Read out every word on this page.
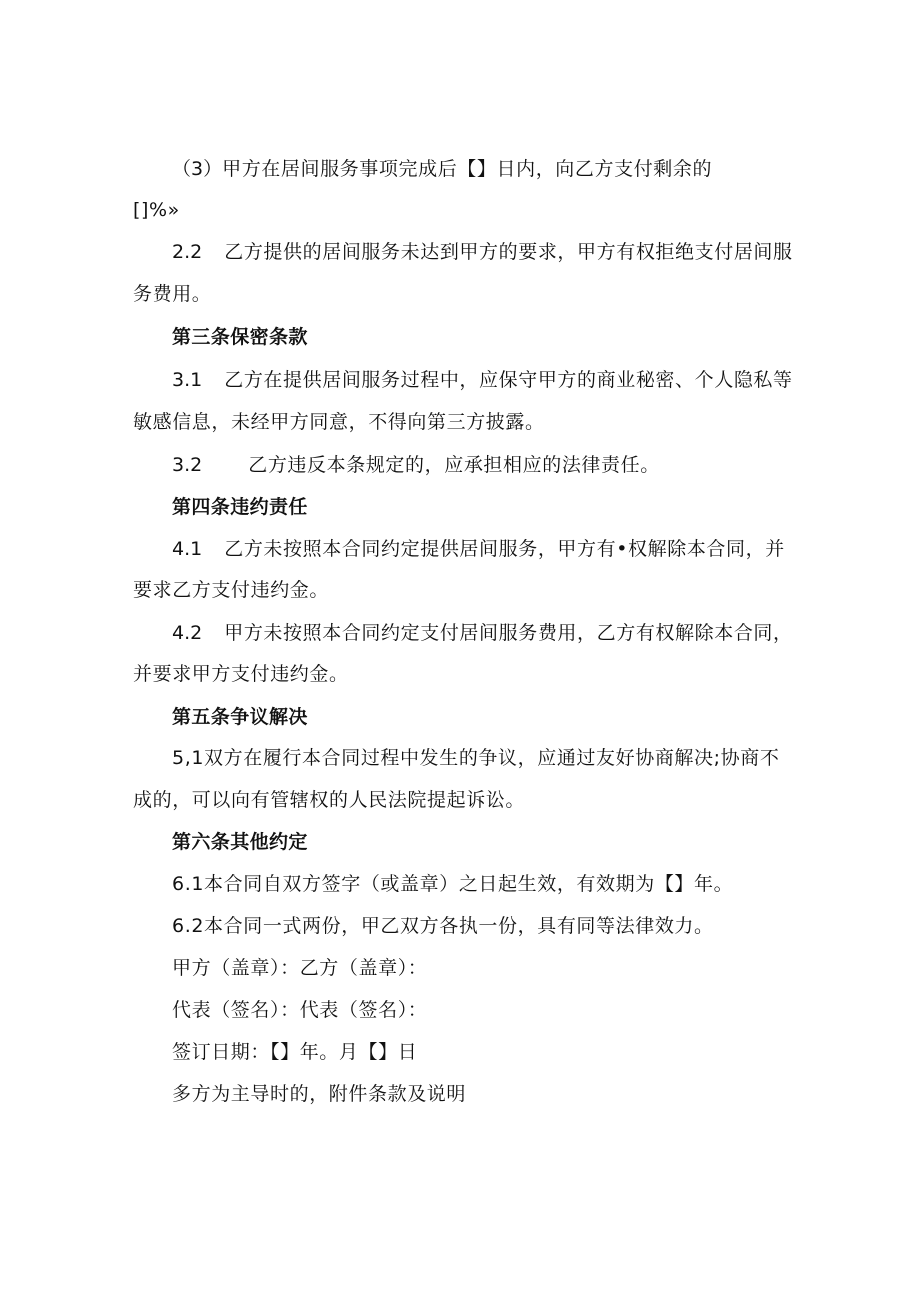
（3）甲方在居间服务事项完成后【】日内，向乙方支付剩余的
[]%»
2.2 乙方提供的居间服务未达到甲方的要求，甲方有权拒绝支付居间服
务费用。
第三条保密条款
3.1 乙方在提供居间服务过程中，应保守甲方的商业秘密、个人隐私等
敏感信息，未经甲方同意，不得向第三方披露。
3.2 乙方违反本条规定的，应承担相应的法律责任。
第四条违约责任
4.1 乙方未按照本合同约定提供居间服务，甲方有•权解除本合同，并
要求乙方支付违约金。
4.2 甲方未按照本合同约定支付居间服务费用，乙方有权解除本合同，
并要求甲方支付违约金。
第五条争议解决
5,1双方在履行本合同过程中发生的争议，应通过友好协商解决;协商不
成的，可以向有管辖权的人民法院提起诉讼。
第六条其他约定
6.1本合同自双方签字（或盖章）之日起生效，有效期为【】年。
6.2本合同一式两份，甲乙双方各执一份，具有同等法律效力。
甲方（盖章）：乙方（盖章）：
代表（签名）：代表（签名）：
签订日期：【】年。月【】日
多方为主导时的，附件条款及说明
